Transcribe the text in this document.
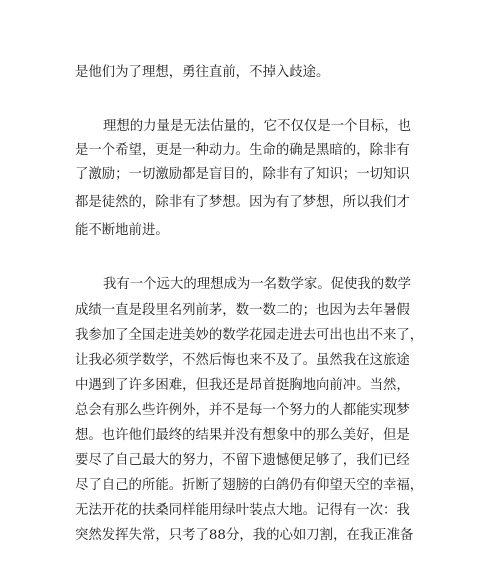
是他们为了理想，勇往直前，不掉入歧途。
理想的力量是无法估量的，它不仅仅是一个目标，也
是一个希望，更是一种动力。生命的确是黑暗的，除非有
了激励；一切激励都是盲目的，除非有了知识；一切知识
都是徒然的，除非有了梦想。因为有了梦想，所以我们才
能不断地前进。
我有一个远大的理想成为一名数学家。促使我的数学
成绩一直是段里名列前茅，数一数二的；也因为去年暑假
我参加了全国走进美妙的数学花园走进去可出也出不来了，
让我必须学数学，不然后悔也来不及了。虽然我在这旅途
中遇到了许多困难，但我还是昂首挺胸地向前冲。当然，
总会有那么些许例外，并不是每一个努力的人都能实现梦
想。也许他们最终的结果并没有想象中的那么美好，但是
要尽了自己最大的努力，不留下遗憾便足够了，我们已经
尽了自己的所能。折断了翅膀的白鸽仍有仰望天空的幸福，
无法开花的扶桑同样能用绿叶装点大地。记得有一次：我
突然发挥失常，只考了88分，我的心如刀割，在我正准备
